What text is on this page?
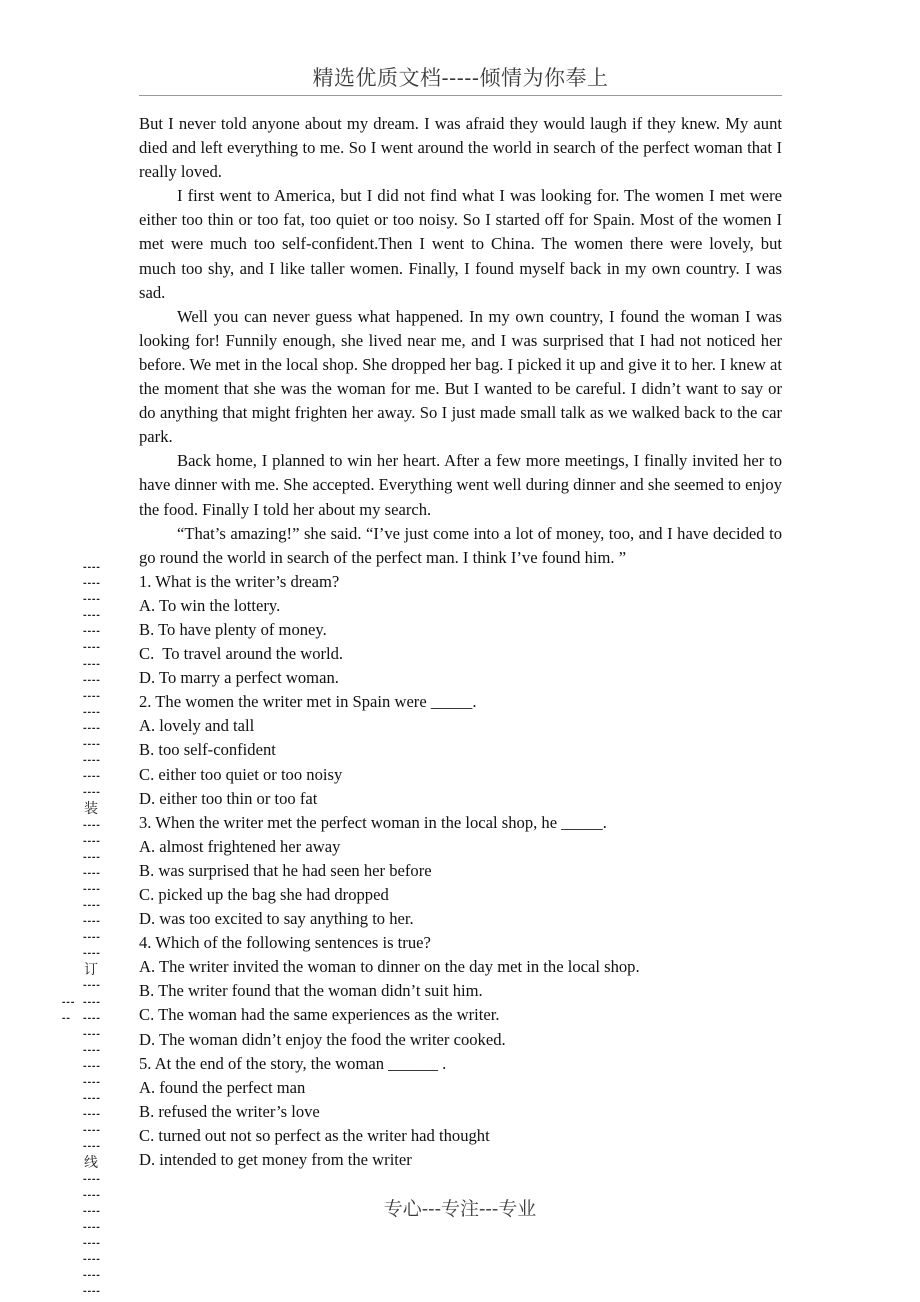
精选优质文档-----倾情为你奉上

But I never told anyone about my dream. I was afraid they would laugh if they knew. My aunt died and left everything to me. So I went around the world in search of the perfect woman that I really loved.

I first went to America, but I did not find what I was looking for. The women I met were either too thin or too fat, too quiet or too noisy. So I started off for Spain. Most of the women I met were much too self-confident.Then I went to China. The women there were lovely, but much too shy, and I like taller women. Finally, I found myself back in my own country. I was sad.

Well you can never guess what happened. In my own country, I found the woman I was looking for! Funnily enough, she lived near me, and I was surprised that I had not noticed her before. We met in the local shop. She dropped her bag. I picked it up and give it to her. I knew at the moment that she was the woman for me. But I wanted to be careful. I didn’t want to say or do anything that might frighten her away. So I just made small talk as we walked back to the car park.

Back home, I planned to win her heart. After a few more meetings, I finally invited her to have dinner with me. She accepted. Everything went well during dinner and she seemed to enjoy the food. Finally I told her about my search.

“That’s amazing!” she said. “I’ve just come into a lot of money, too, and I have decided to go round the world in search of the perfect man. I think I’ve found him. ”

1. What is the writer’s dream?

A. To win the lottery.

B. To have plenty of money.

C.  To travel around the world.

D. To marry a perfect woman.

2. The women the writer met in Spain were _____.

A. lovely and tall

B. too self-confident

C. either too quiet or too noisy

D. either too thin or too fat

3. When the writer met the perfect woman in the local shop, he _____.

A. almost frightened her away

B. was surprised that he had seen her before

C. picked up the bag she had dropped

D. was too excited to say anything to her.

4. Which of the following sentences is true?

A. The writer invited the woman to dinner on the day met in the local shop.

B. The writer found that the woman didn’t suit him.

C. The woman had the same experiences as the writer.

D. The woman didn’t enjoy the food the writer cooked.

5. At the end of the story, the woman ______ .

A. found the perfect man

B. refused the writer’s love

C. turned out not so perfect as the writer had thought

D. intended to get money from the writer

----
----
----
----
----
----
----
----
----
----
----
----
----
----
----
装
----
----
----
----
----
----
----
----
----
订
----
----
----
----
----
----
----
----
----
----
----
线
----
----
----
----
----
----
----
----
---
--
专心---专注---专业
